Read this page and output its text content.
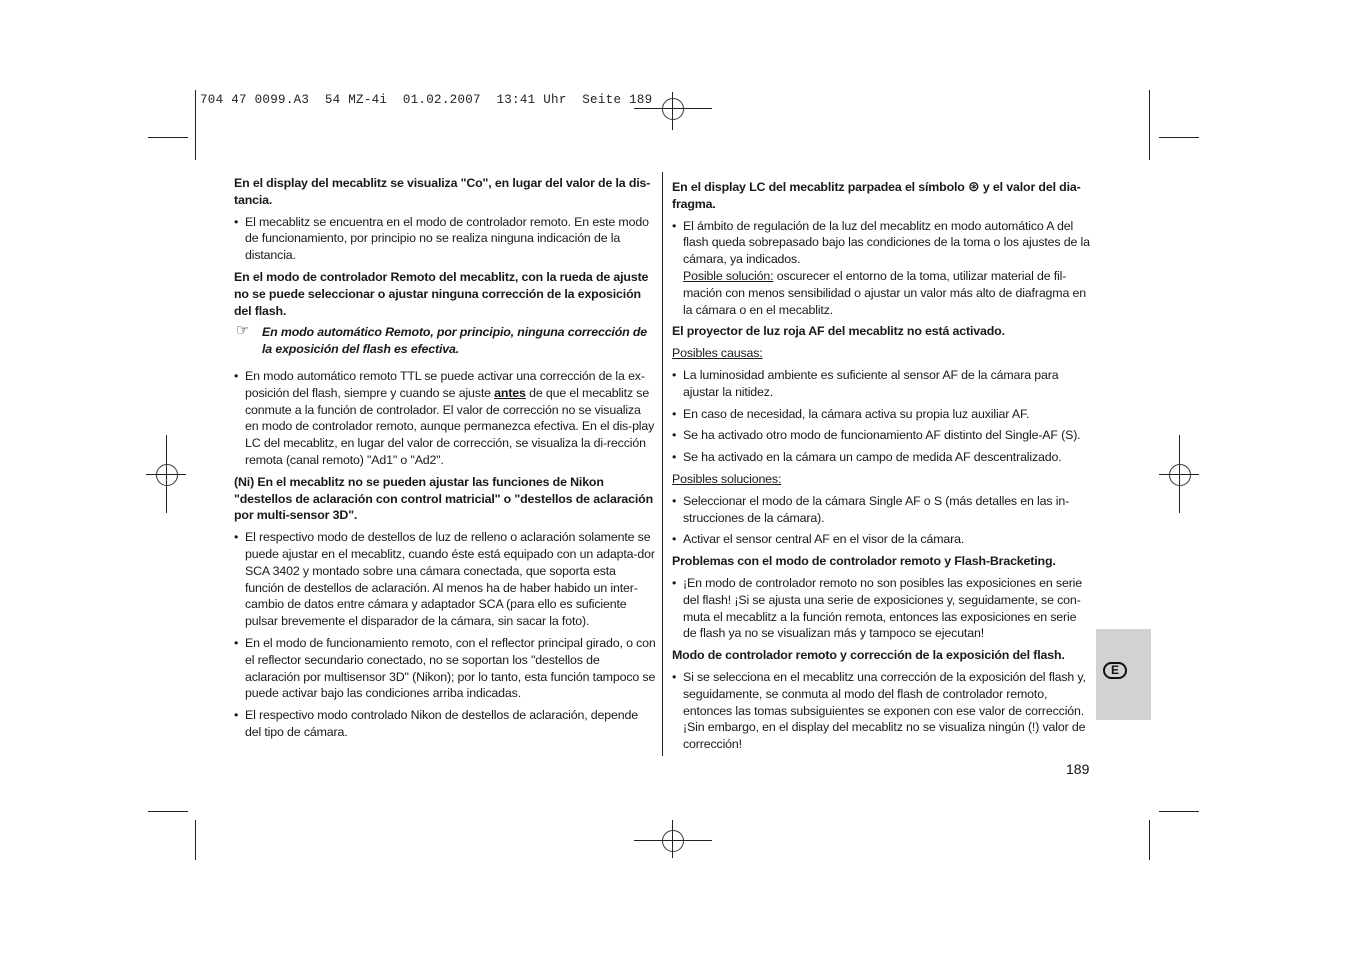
704 47 0099.A3  54 MZ-4i  01.02.2007  13:41 Uhr  Seite 189

En el display del mecablitz se visualiza "Co", en lugar del valor de la dis-tancia.

• El mecablitz se encuentra en el modo de controlador remoto. En este modo de funcionamiento, por principio no se realiza ninguna indicación de la distancia.

En el modo de controlador Remoto del mecablitz, con la rueda de ajuste no se puede seleccionar o ajustar ninguna corrección de la exposición del flash.

☞ En modo automático Remoto, por principio, ninguna corrección de la exposición del flash es efectiva.

• En modo automático remoto TTL se puede activar una corrección de la ex-posición del flash, siempre y cuando se ajuste antes de que el mecablitz se conmute a la función de controlador. El valor de corrección no se visualiza en modo de controlador remoto, aunque permanezca efectiva. En el dis-play LC del mecablitz, en lugar del valor de corrección, se visualiza la di-rección remota (canal remoto) "Ad1" o "Ad2".

(Ni) En el mecablitz no se pueden ajustar las funciones de Nikon "destellos de aclaración con control matricial" o "destellos de aclaración por multi-sensor 3D".

• El respectivo modo de destellos de luz de relleno o aclaración solamente se puede ajustar en el mecablitz, cuando éste está equipado con un adapta-dor SCA 3402 y montado sobre una cámara conectada, que soporta esta función de destellos de aclaración. Al menos ha de haber habido un inter-cambio de datos entre cámara y adaptador SCA (para ello es suficiente pulsar brevemente el disparador de la cámara, sin sacar la foto).

• En el modo de funcionamiento remoto, con el reflector principal girado, o con el reflector secundario conectado, no se soportan los "destellos de aclaración por multisensor 3D" (Nikon); por lo tanto, esta función tampoco se puede activar bajo las condiciones arriba indicadas.

• El respectivo modo controlado Nikon de destellos de aclaración, depende del tipo de cámara.

En el display LC del mecablitz parpadea el símbolo ⊛ y el valor del dia-fragma.

• El ámbito de regulación de la luz del mecablitz en modo automático A del flash queda sobrepasado bajo las condiciones de la toma o los ajustes de la cámara, ya indicados.
Posible solución: oscurecer el entorno de la toma, utilizar material de fil-mación con menos sensibilidad o ajustar un valor más alto de diafragma en la cámara o en el mecablitz.

El proyector de luz roja AF del mecablitz no está activado.

Posibles causas:

• La luminosidad ambiente es suficiente al sensor AF de la cámara para ajustar la nitidez.

• En caso de necesidad, la cámara activa su propia luz auxiliar AF.

• Se ha activado otro modo de funcionamiento AF distinto del Single-AF (S).

• Se ha activado en la cámara un campo de medida AF descentralizado.

Posibles soluciones:

• Seleccionar el modo de la cámara Single AF o S (más detalles en las in-strucciones de la cámara).

• Activar el sensor central AF en el visor de la cámara.

Problemas con el modo de controlador remoto y Flash-Bracketing.

• ¡En modo de controlador remoto no son posibles las exposiciones en serie del flash! ¡Si se ajusta una serie de exposiciones y, seguidamente, se con-muta el mecablitz a la función remota, entonces las exposiciones en serie de flash ya no se visualizan más y tampoco se ejecutan!

Modo de controlador remoto y corrección de la exposición del flash.

• Si se selecciona en el mecablitz una corrección de la exposición del flash y, seguidamente, se conmuta al modo del flash de controlador remoto, entonces las tomas subsiguientes se exponen con ese valor de corrección. ¡Sin embargo, en el display del mecablitz no se visualiza ningún (!) valor de corrección!

E
189
